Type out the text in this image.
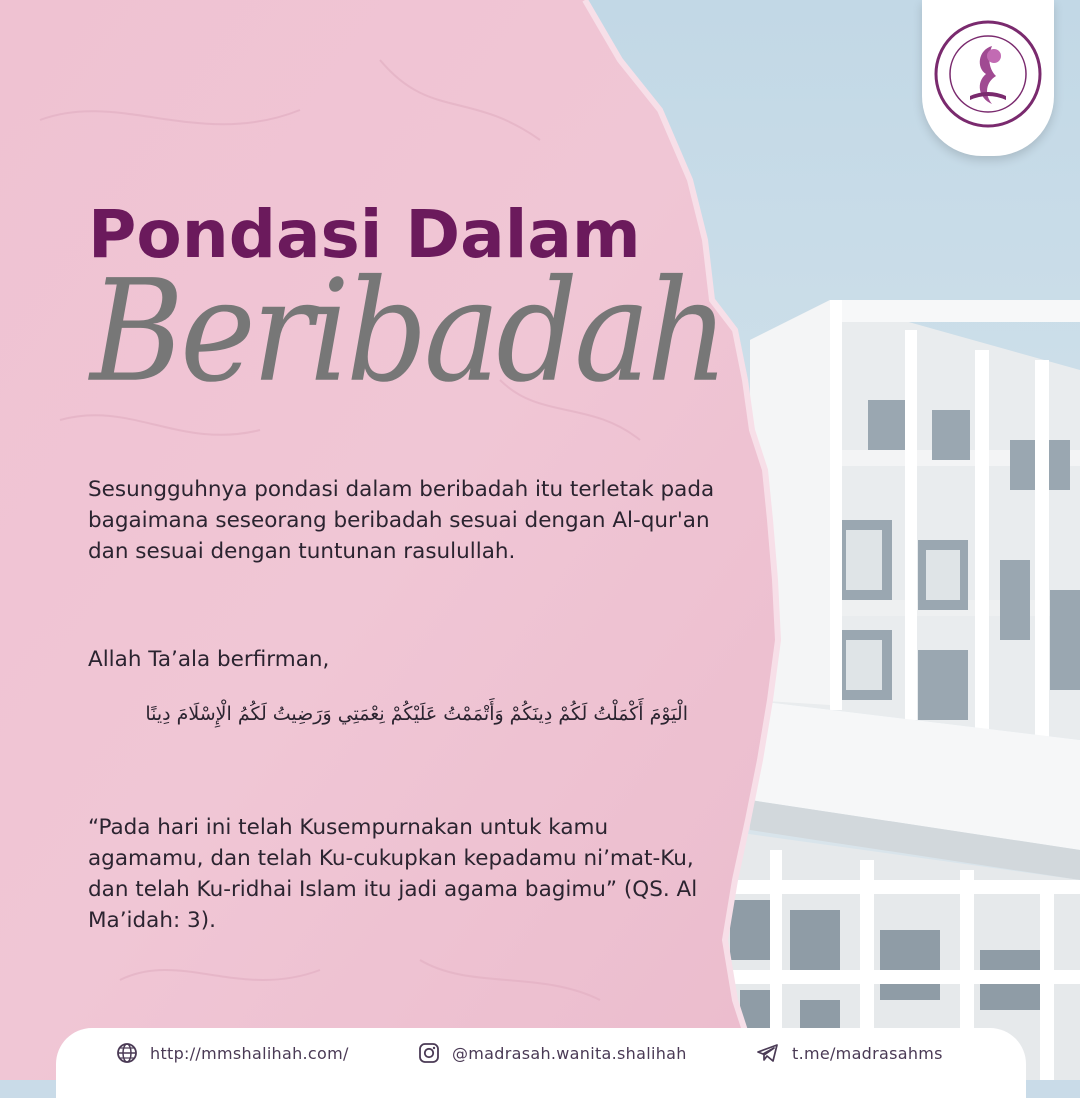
Pondasi Dalam
Beribadah

Sesungguhnya pondasi dalam beribadah itu terletak pada bagaimana seseorang beribadah sesuai dengan Al-qur'an dan sesuai dengan tuntunan rasulullah.

Allah Ta’ala berfirman,

الْيَوْمَ أَكْمَلْتُ لَكُمْ دِينَكُمْ وَأَتْمَمْتُ عَلَيْكُمْ نِعْمَتِي وَرَضِيتُ لَكُمُ الْإِسْلَامَ دِينًا

“Pada hari ini telah Kusempurnakan untuk kamu agamamu, dan telah Ku-cukupkan kepadamu ni’mat-Ku, dan telah Ku-ridhai Islam itu jadi agama bagimu” (QS. Al Ma’idah: 3).

http://mmshalihah.com/	@madrasah.wanita.shalihah	t.me/madrasahms
